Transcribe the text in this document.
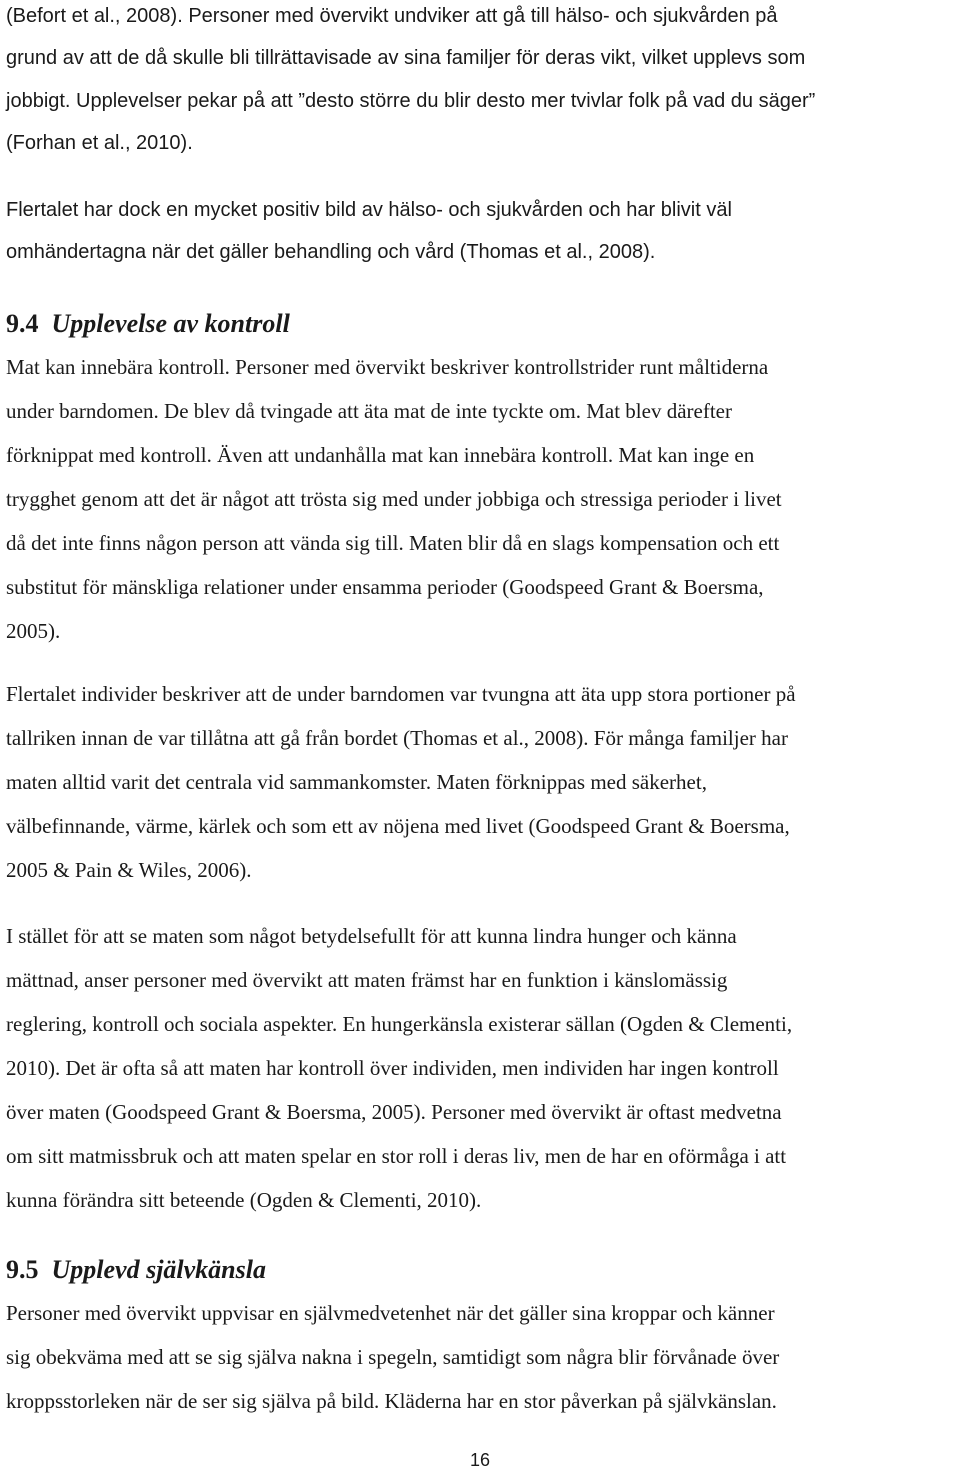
(Befort et al., 2008). Personer med övervikt undviker att gå till hälso- och sjukvården på
grund av att de då skulle bli tillrättavisade av sina familjer för deras vikt, vilket upplevs som
jobbigt. Upplevelser pekar på att ”desto större du blir desto mer tvivlar folk på vad du säger”
(Forhan et al., 2010).
Flertalet har dock en mycket positiv bild av hälso- och sjukvården och har blivit väl
omhändertagna när det gäller behandling och vård (Thomas et al., 2008).
9.4 Upplevelse av kontroll
Mat kan innebära kontroll. Personer med övervikt beskriver kontrollstrider runt måltiderna
under barndomen. De blev då tvingade att äta mat de inte tyckte om. Mat blev därefter
förknippat med kontroll. Även att undanhålla mat kan innebära kontroll. Mat kan inge en
trygghet genom att det är något att trösta sig med under jobbiga och stressiga perioder i livet
då det inte finns någon person att vända sig till. Maten blir då en slags kompensation och ett
substitut för mänskliga relationer under ensamma perioder (Goodspeed Grant & Boersma,
2005).
Flertalet individer beskriver att de under barndomen var tvungna att äta upp stora portioner på
tallriken innan de var tillåtna att gå från bordet (Thomas et al., 2008). För många familjer har
maten alltid varit det centrala vid sammankomster. Maten förknippas med säkerhet,
välbefinnande, värme, kärlek och som ett av nöjena med livet (Goodspeed Grant & Boersma,
2005 & Pain & Wiles, 2006).
I stället för att se maten som något betydelsefullt för att kunna lindra hunger och känna
mättnad, anser personer med övervikt att maten främst har en funktion i känslomässig
reglering, kontroll och sociala aspekter. En hungerkänsla existerar sällan (Ogden & Clementi,
2010). Det är ofta så att maten har kontroll över individen, men individen har ingen kontroll
över maten (Goodspeed Grant & Boersma, 2005). Personer med övervikt är oftast medvetna
om sitt matmissbruk och att maten spelar en stor roll i deras liv, men de har en oförmåga i att
kunna förändra sitt beteende (Ogden & Clementi, 2010).
9.5 Upplevd självkänsla
Personer med övervikt uppvisar en självmedvetenhet när det gäller sina kroppar och känner
sig obekväma med att se sig själva nakna i spegeln, samtidigt som några blir förvånade över
kroppsstorleken när de ser sig själva på bild. Kläderna har en stor påverkan på självkänslan.
16
